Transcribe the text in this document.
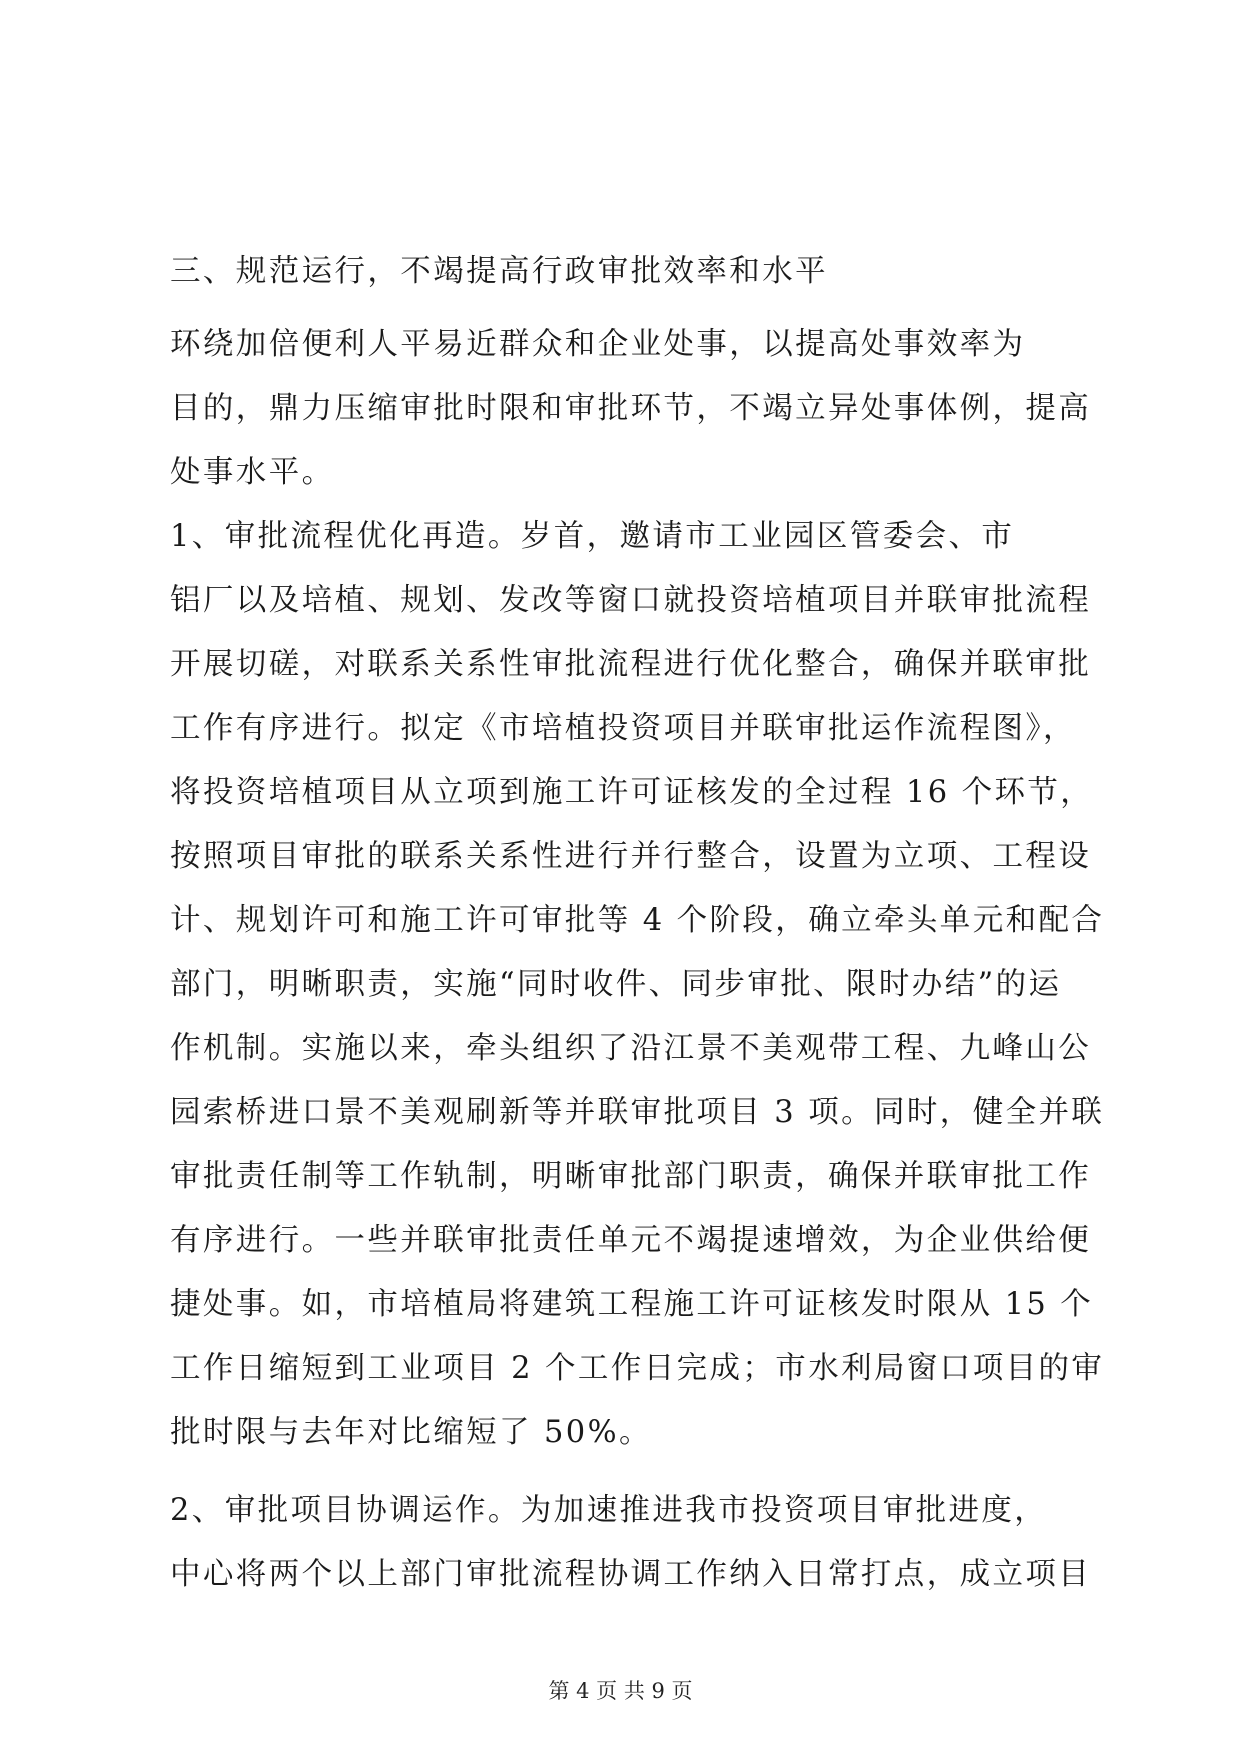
三、规范运行，不竭提高行政审批效率和水平
环绕加倍便利人平易近群众和企业处事，以提高处事效率为
目的，鼎力压缩审批时限和审批环节，不竭立异处事体例，提高
处事水平。
1、审批流程优化再造。岁首，邀请市工业园区管委会、市
铝厂以及培植、规划、发改等窗口就投资培植项目并联审批流程
开展切磋，对联系关系性审批流程进行优化整合，确保并联审批
工作有序进行。拟定《市培植投资项目并联审批运作流程图》，
将投资培植项目从立项到施工许可证核发的全过程 16 个环节，
按照项目审批的联系关系性进行并行整合，设置为立项、工程设
计、规划许可和施工许可审批等 4 个阶段，确立牵头单元和配合
部门，明晰职责，实施“同时收件、同步审批、限时办结”的运
作机制。实施以来，牵头组织了沿江景不美观带工程、九峰山公
园索桥进口景不美观刷新等并联审批项目 3 项。同时，健全并联
审批责任制等工作轨制，明晰审批部门职责，确保并联审批工作
有序进行。一些并联审批责任单元不竭提速增效，为企业供给便
捷处事。如，市培植局将建筑工程施工许可证核发时限从 15 个
工作日缩短到工业项目 2 个工作日完成；市水利局窗口项目的审
批时限与去年对比缩短了 50%。
2、审批项目协调运作。为加速推进我市投资项目审批进度，
中心将两个以上部门审批流程协调工作纳入日常打点，成立项目
第 4 页 共 9 页
